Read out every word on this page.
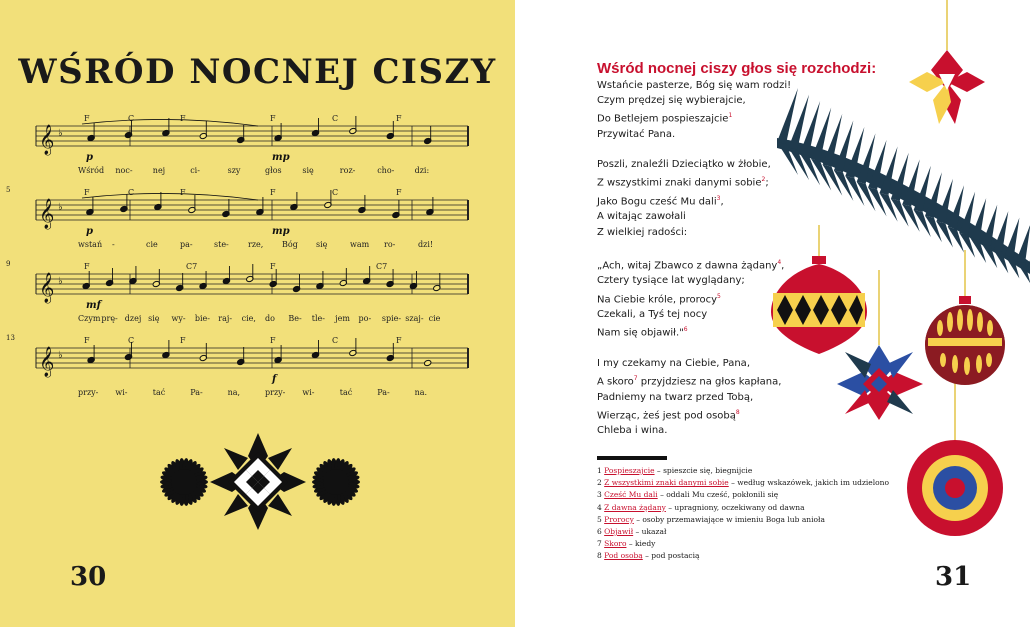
WŚRÓD NOCNEJ CISZY
F	C	F	F	C	F
𝄞 ♭
p	mp
Wśród noc-	nej	ci-	szy	głos	się	roz-	cho-	dzi:
5	F	C	F	F	C	F
𝄞 ♭
p	mp
wstań -	cie	pa-	ste- rze, Bóg się	wam ro-	dzi!
9	F	C7	F	C7
𝄞 ♭
mf
Czym prę- dzej się wy- bie- raj- cie, do Be- tle- jem po- spie- szaj- cie
13	F	C	F	F	C	F
𝄞 ♭
f
przy- wi-	tać	Pa-	na,	przy- wi-	tać	Pa-	na.
30
Wśród nocnej ciszy głos się rozchodzi:
Wstańcie pasterze, Bóg się wam rodzi!
Czym prędzej się wybierajcie,
Do Betlejem pospieszajcie$^1$
Przywitać Pana.
Poszli, znaleźli Dzieciątko w żłobie,
Z wszystkimi znaki danymi sobie$^2$;
Jako Bogu cześć Mu dali$^3$,
A witając zawołali
Z wielkiej radości:
„Ach, witaj Zbawco z dawna żądany$^4$,
Cztery tysiące lat wyglądany;
Na Ciebie króle, prorocy$^5$
Czekali, a Tyś tej nocy
Nam się objawił."$^6$
I my czekamy na Ciebie, Pana,
A skoro$^7$ przyjdziesz na głos kapłana,
Padniemy na twarz przed Tobą,
Wierząc, żeś jest pod osobą$^8$
Chleba i wina.
1 Pospieszajcie – spieszcie się, biegnijcie
2 Z wszystkimi znaki danymi sobie – według wskazówek, jakich im udzielono
3 Cześć Mu dali – oddali Mu cześć, pokłonili się
4 Z dawna żądany – upragniony, oczekiwany od dawna
5 Prorocy – osoby przemawiające w imieniu Boga lub anioła
6 Objawił – ukazał
7 Skoro – kiedy
8 Pod osobą – pod postacią
31
